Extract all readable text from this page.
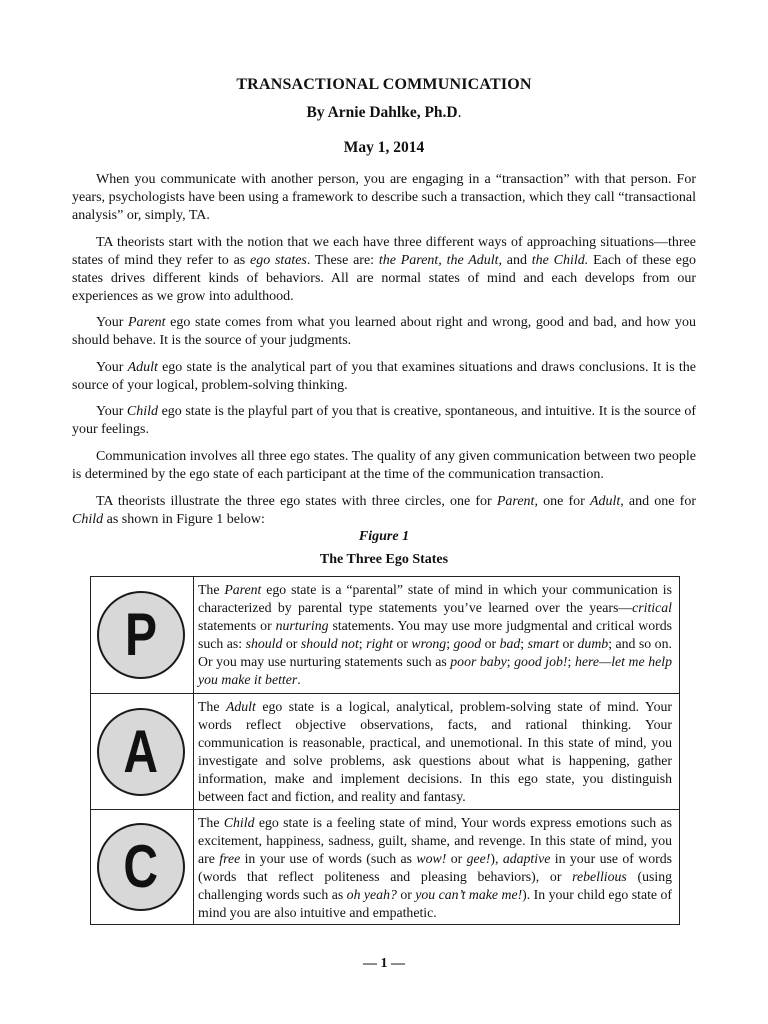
TRANSACTIONAL COMMUNICATION
By Arnie Dahlke, Ph.D.
May 1, 2014

When you communicate with another person, you are engaging in a “transaction” with that person. For years, psychologists have been using a framework to describe such a transaction, which they call “transactional analysis” or, simply, TA.

TA theorists start with the notion that we each have three different ways of approaching situations—three states of mind they refer to as ego states. These are: the Parent, the Adult, and the Child. Each of these ego states drives different kinds of behaviors. All are normal states of mind and each develops from our experiences as we grow into adulthood.

Your Parent ego state comes from what you learned about right and wrong, good and bad, and how you should behave. It is the source of your judgments.

Your Adult ego state is the analytical part of you that examines situations and draws conclusions. It is the source of your logical, problem-solving thinking.

Your Child ego state is the playful part of you that is creative, spontaneous, and intuitive. It is the source of your feelings.

Communication involves all three ego states. The quality of any given communication between two people is determined by the ego state of each participant at the time of the communication transaction.

TA theorists illustrate the three ego states with three circles, one for Parent, one for Adult, and one for Child as shown in Figure 1 below:

Figure 1
The Three Ego States
P
The Parent ego state is a “parental” state of mind in which your communication is characterized by parental type statements you’ve learned over the years—critical statements or nurturing statements. You may use more judgmental and critical words such as: should or should not; right or wrong; good or bad; smart or dumb; and so on. Or you may use nurturing statements such as poor baby; good job!; here—let me help you make it better.
A
The Adult ego state is a logical, analytical, problem-solving state of mind. Your words reflect objective observations, facts, and rational thinking. Your communication is reasonable, practical, and unemotional. In this state of mind, you investigate and solve problems, ask questions about what is happening, gather information, make and implement decisions. In this ego state, you distinguish between fact and fiction, and reality and fantasy.
C
The Child ego state is a feeling state of mind, Your words express emotions such as excitement, happiness, sadness, guilt, shame, and revenge. In this state of mind, you are free in your use of words (such as wow! or gee!), adaptive in your use of words (words that reflect politeness and pleasing behaviors), or rebellious (using challenging words such as oh yeah? or you can’t make me!). In your child ego state of mind you are also intuitive and empathetic.
— 1 —
